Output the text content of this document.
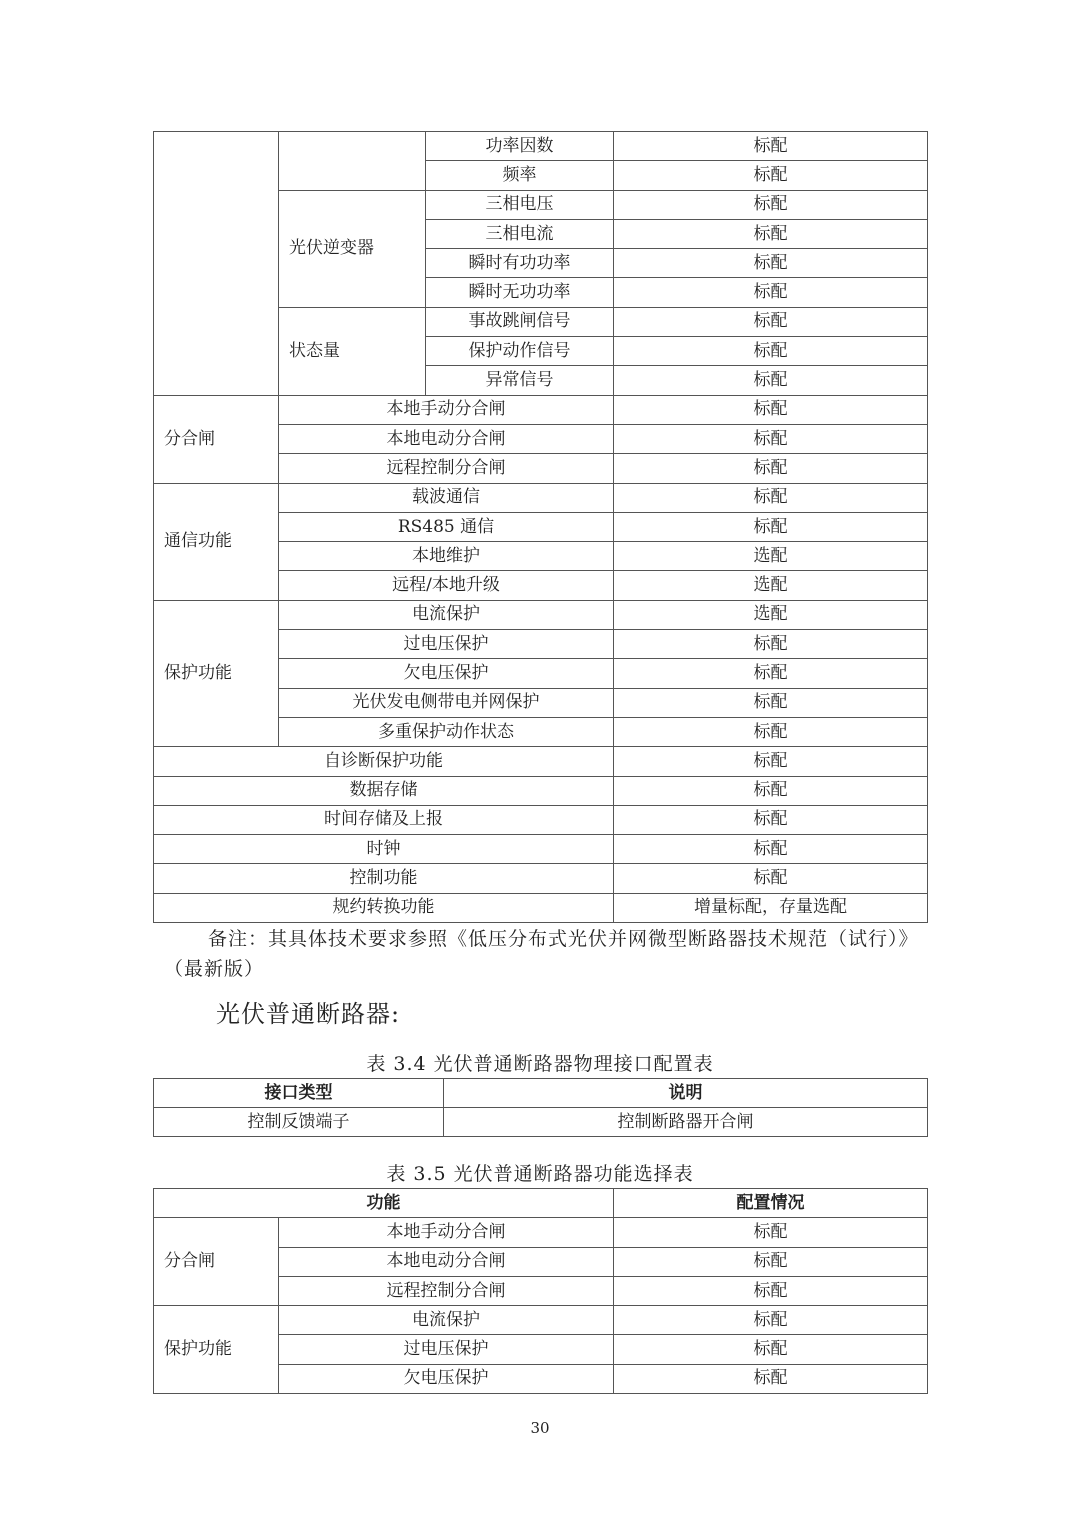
		功率因数	标配
		频率	标配
	光伏逆变器	三相电压	标配
		三相电流	标配
		瞬时有功功率	标配
		瞬时无功功率	标配
	状态量	事故跳闸信号	标配
		保护动作信号	标配
		异常信号	标配
分合闸	本地手动分合闸		标配
	本地电动分合闸		标配
	远程控制分合闸		标配
通信功能	载波通信		标配
	RS485 通信		标配
	本地维护		选配
	远程/本地升级		选配
保护功能	电流保护		选配
	过电压保护		标配
	欠电压保护		标配
	光伏发电侧带电并网保护		标配
	多重保护动作状态		标配
自诊断保护功能			标配
数据存储			标配
时间存储及上报			标配
时钟			标配
控制功能			标配
规约转换功能			增量标配，存量选配

备注：其具体技术要求参照《低压分布式光伏并网微型断路器技术规范（试行）》（最新版）

光伏普通断路器:

表 3.4 光伏普通断路器物理接口配置表

接口类型	说明
控制反馈端子	控制断路器开合闸

表 3.5 光伏普通断路器功能选择表

功能		配置情况
分合闸	本地手动分合闸	标配
	本地电动分合闸	标配
	远程控制分合闸	标配
保护功能	电流保护	标配
	过电压保护	标配
	欠电压保护	标配

30
